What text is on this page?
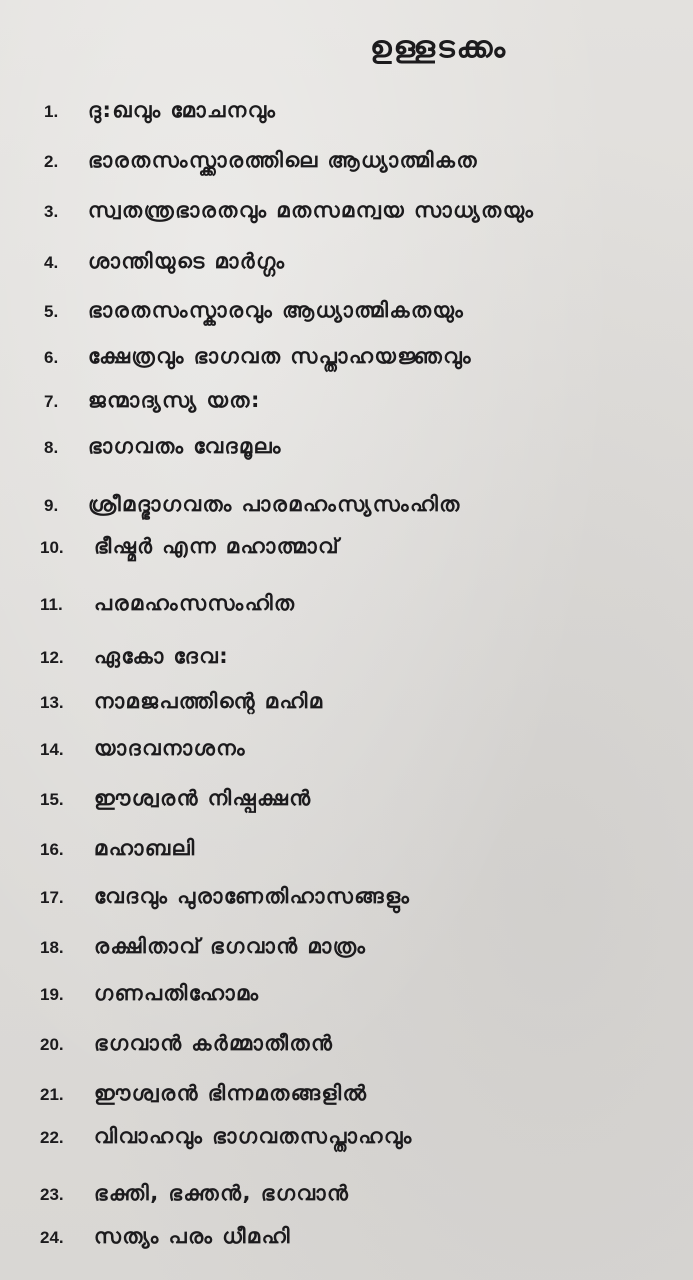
ഉള്ളടക്കം
1. ദു:ഖവും മോചനവും
2. ഭാരതസംസ്ക്കാരത്തിലെ ആധ്യാത്മികത
3. സ്വതന്ത്രഭാരതവും മതസമന്വയ സാധ്യതയും
4. ശാന്തിയുടെ മാർഗ്ഗം
5. ഭാരതസംസ്കാരവും ആധ്യാത്മികതയും
6. ക്ഷേത്രവും ഭാഗവത സപ്താഹയജ്ഞവും
7. ജന്മാദ്യസ്യ യത:
8. ഭാഗവതം വേദമൂലം
9. ശ്രീമദ്ഭാഗവതം പാരമഹംസ്യസംഹിത
10. ഭീഷ്മർ എന്ന മഹാത്മാവ്
11. പരമഹംസസംഹിത
12. ഏകോ ദേവ:
13. നാമജപത്തിന്റെ മഹിമ
14. യാദവനാശനം
15. ഈശ്വരൻ നിഷ്പക്ഷൻ
16. മഹാബലി
17. വേദവും പുരാണേതിഹാസങ്ങളും
18. രക്ഷിതാവ് ഭഗവാൻ മാത്രം
19. ഗണപതിഹോമം
20. ഭഗവാൻ കർമ്മാതീതൻ
21. ഈശ്വരൻ ഭിന്നമതങ്ങളിൽ
22. വിവാഹവും ഭാഗവതസപ്താഹവും
23. ഭക്തി, ഭക്തൻ, ഭഗവാൻ
24. സത്യം പരം ധീമഹി
